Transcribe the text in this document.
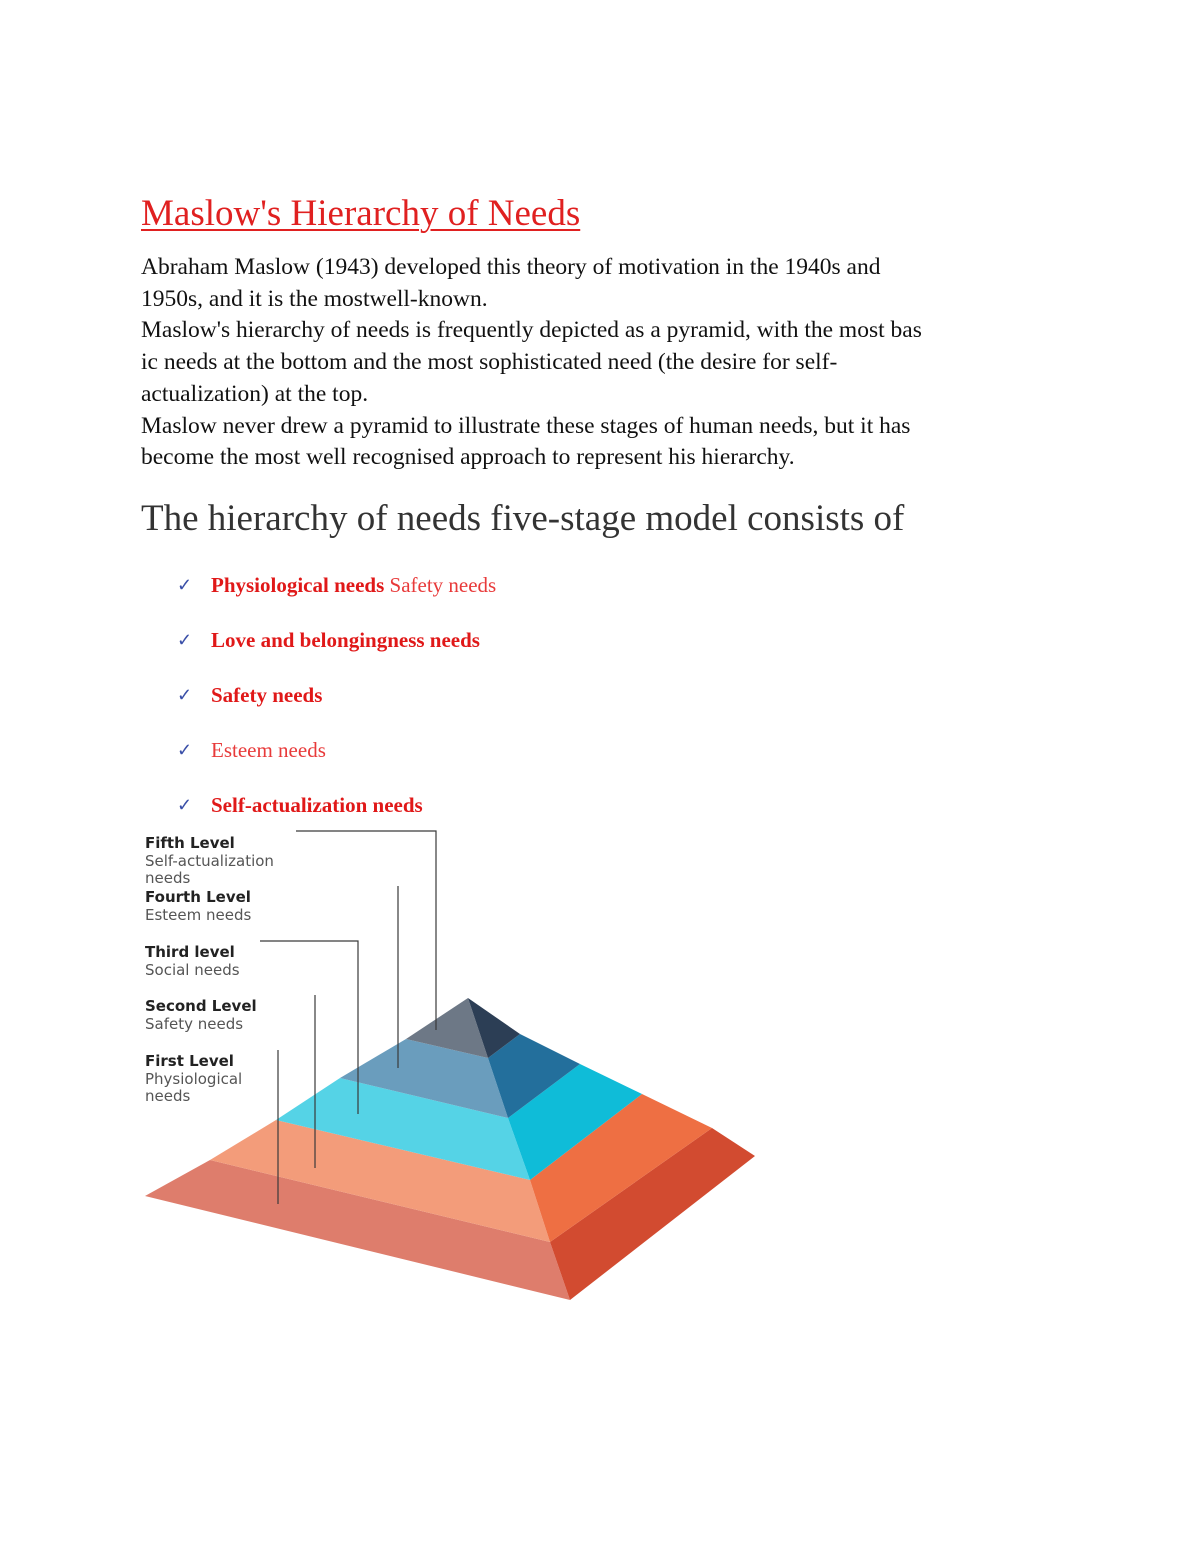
Maslow's Hierarchy of Needs
Abraham Maslow (1943) developed this theory of motivation in the 1940s and
1950s, and it is the mostwell-known.
Maslow's hierarchy of needs is frequently depicted as a pyramid, with the most bas
ic needs at the bottom and the most sophisticated need (the desire for self-
actualization) at the top.
Maslow never drew a pyramid to illustrate these stages of human needs, but it has
become the most well recognised approach to represent his hierarchy.
The hierarchy of needs five-stage model consists of
✓ Physiological needs Safety needs
✓ Love and belongingness needs
✓ Safety needs
✓ Esteem needs
✓ Self-actualization needs
Fifth Level
Self-actualization
needs
Fourth Level
Esteem needs
Third level
Social needs
Second Level
Safety needs
First Level
Physiological
needs
